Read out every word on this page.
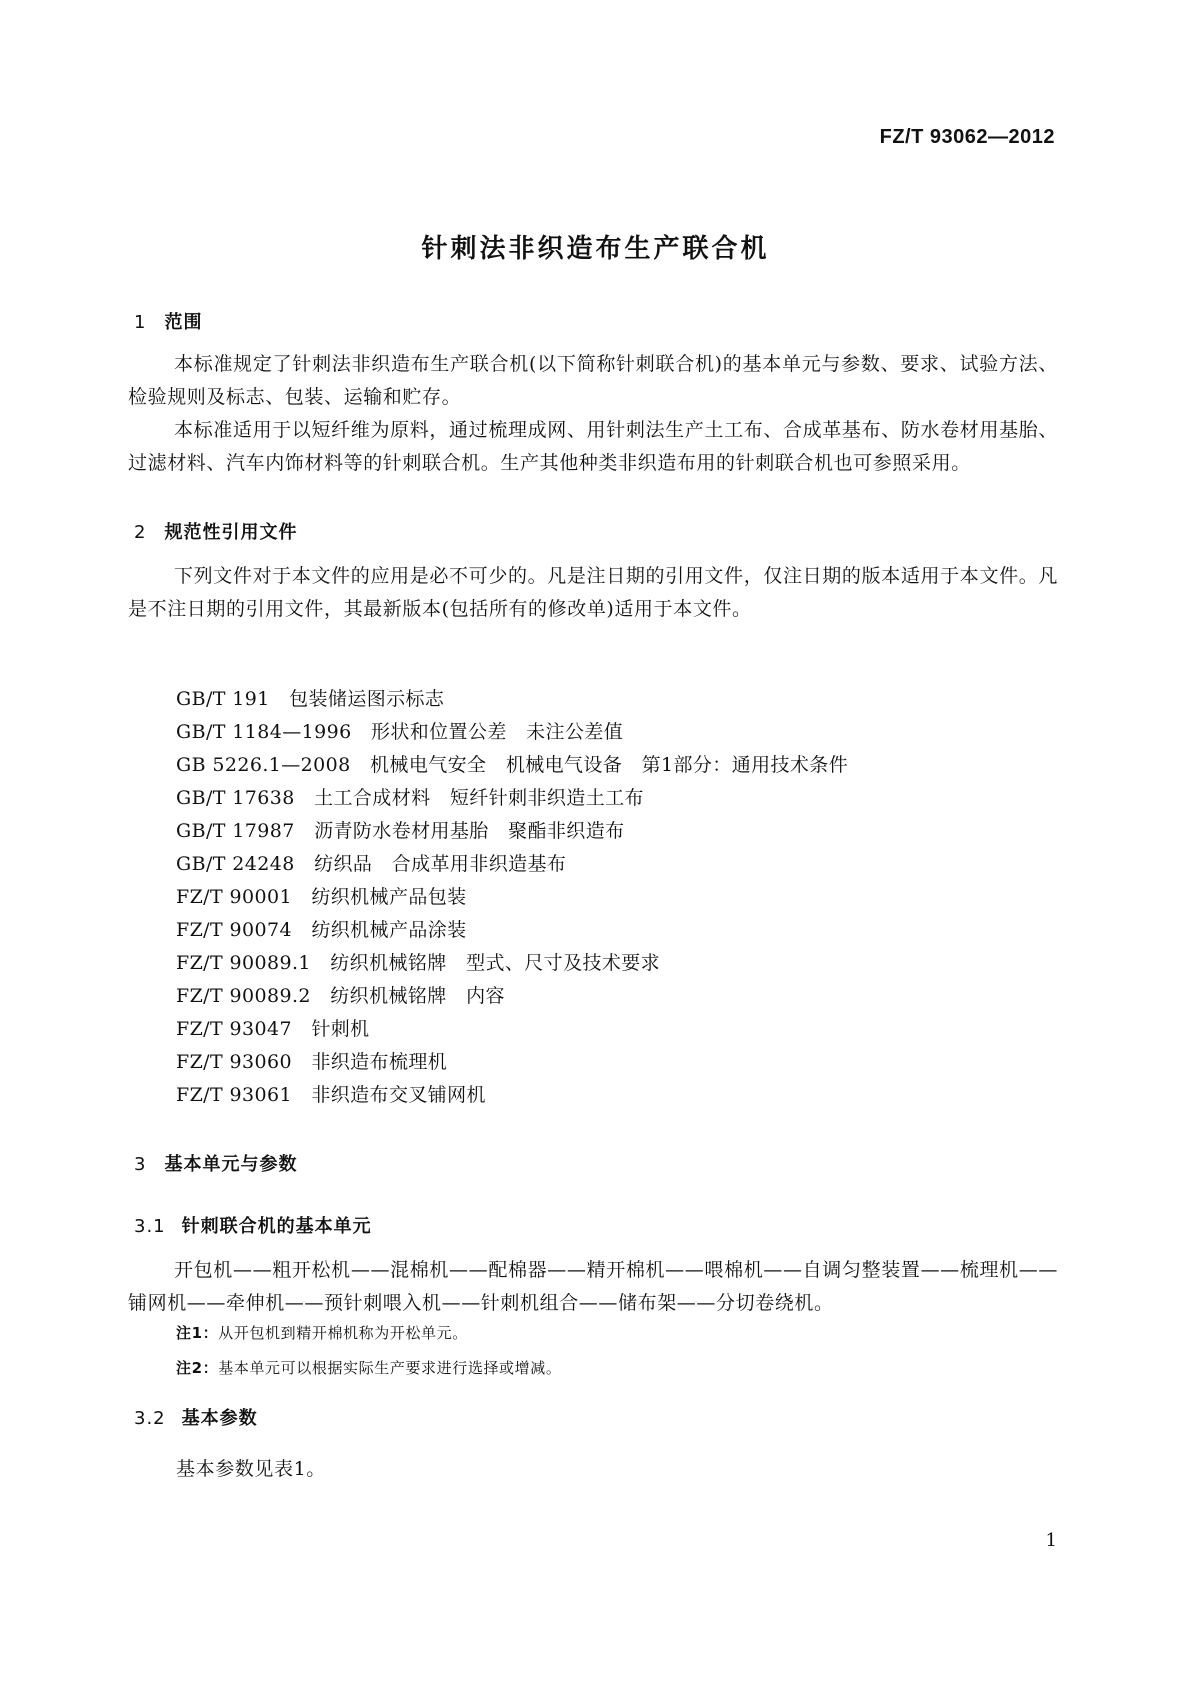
FZ/T 93062—2012
针刺法非织造布生产联合机
1 范围

本标准规定了针刺法非织造布生产联合机(以下简称针刺联合机)的基本单元与参数、要求、试验方法、检验规则及标志、包装、运输和贮存。

本标准适用于以短纤维为原料，通过梳理成网、用针刺法生产土工布、合成革基布、防水卷材用基胎、过滤材料、汽车内饰材料等的针刺联合机。生产其他种类非织造布用的针刺联合机也可参照采用。

2 规范性引用文件

下列文件对于本文件的应用是必不可少的。凡是注日期的引用文件，仅注日期的版本适用于本文件。凡是不注日期的引用文件，其最新版本(包括所有的修改单)适用于本文件。

GB/T 191　包装储运图示标志
GB/T 1184—1996　形状和位置公差　未注公差值
GB 5226.1—2008　机械电气安全　机械电气设备　第1部分：通用技术条件
GB/T 17638　土工合成材料　短纤针刺非织造土工布
GB/T 17987　沥青防水卷材用基胎　聚酯非织造布
GB/T 24248　纺织品　合成革用非织造基布
FZ/T 90001　纺织机械产品包装
FZ/T 90074　纺织机械产品涂装
FZ/T 90089.1　纺织机械铭牌　型式、尺寸及技术要求
FZ/T 90089.2　纺织机械铭牌　内容
FZ/T 93047　针刺机
FZ/T 93060　非织造布梳理机
FZ/T 93061　非织造布交叉铺网机
3 基本单元与参数
3.1 针刺联合机的基本单元

开包机——粗开松机——混棉机——配棉器——精开棉机——喂棉机——自调匀整装置——梳理机——铺网机——牵伸机——预针刺喂入机——针刺机组合——储布架——分切卷绕机。

注1：从开包机到精开棉机称为开松单元。
注2：基本单元可以根据实际生产要求进行选择或增减。
3.2 基本参数
基本参数见表1。
1
